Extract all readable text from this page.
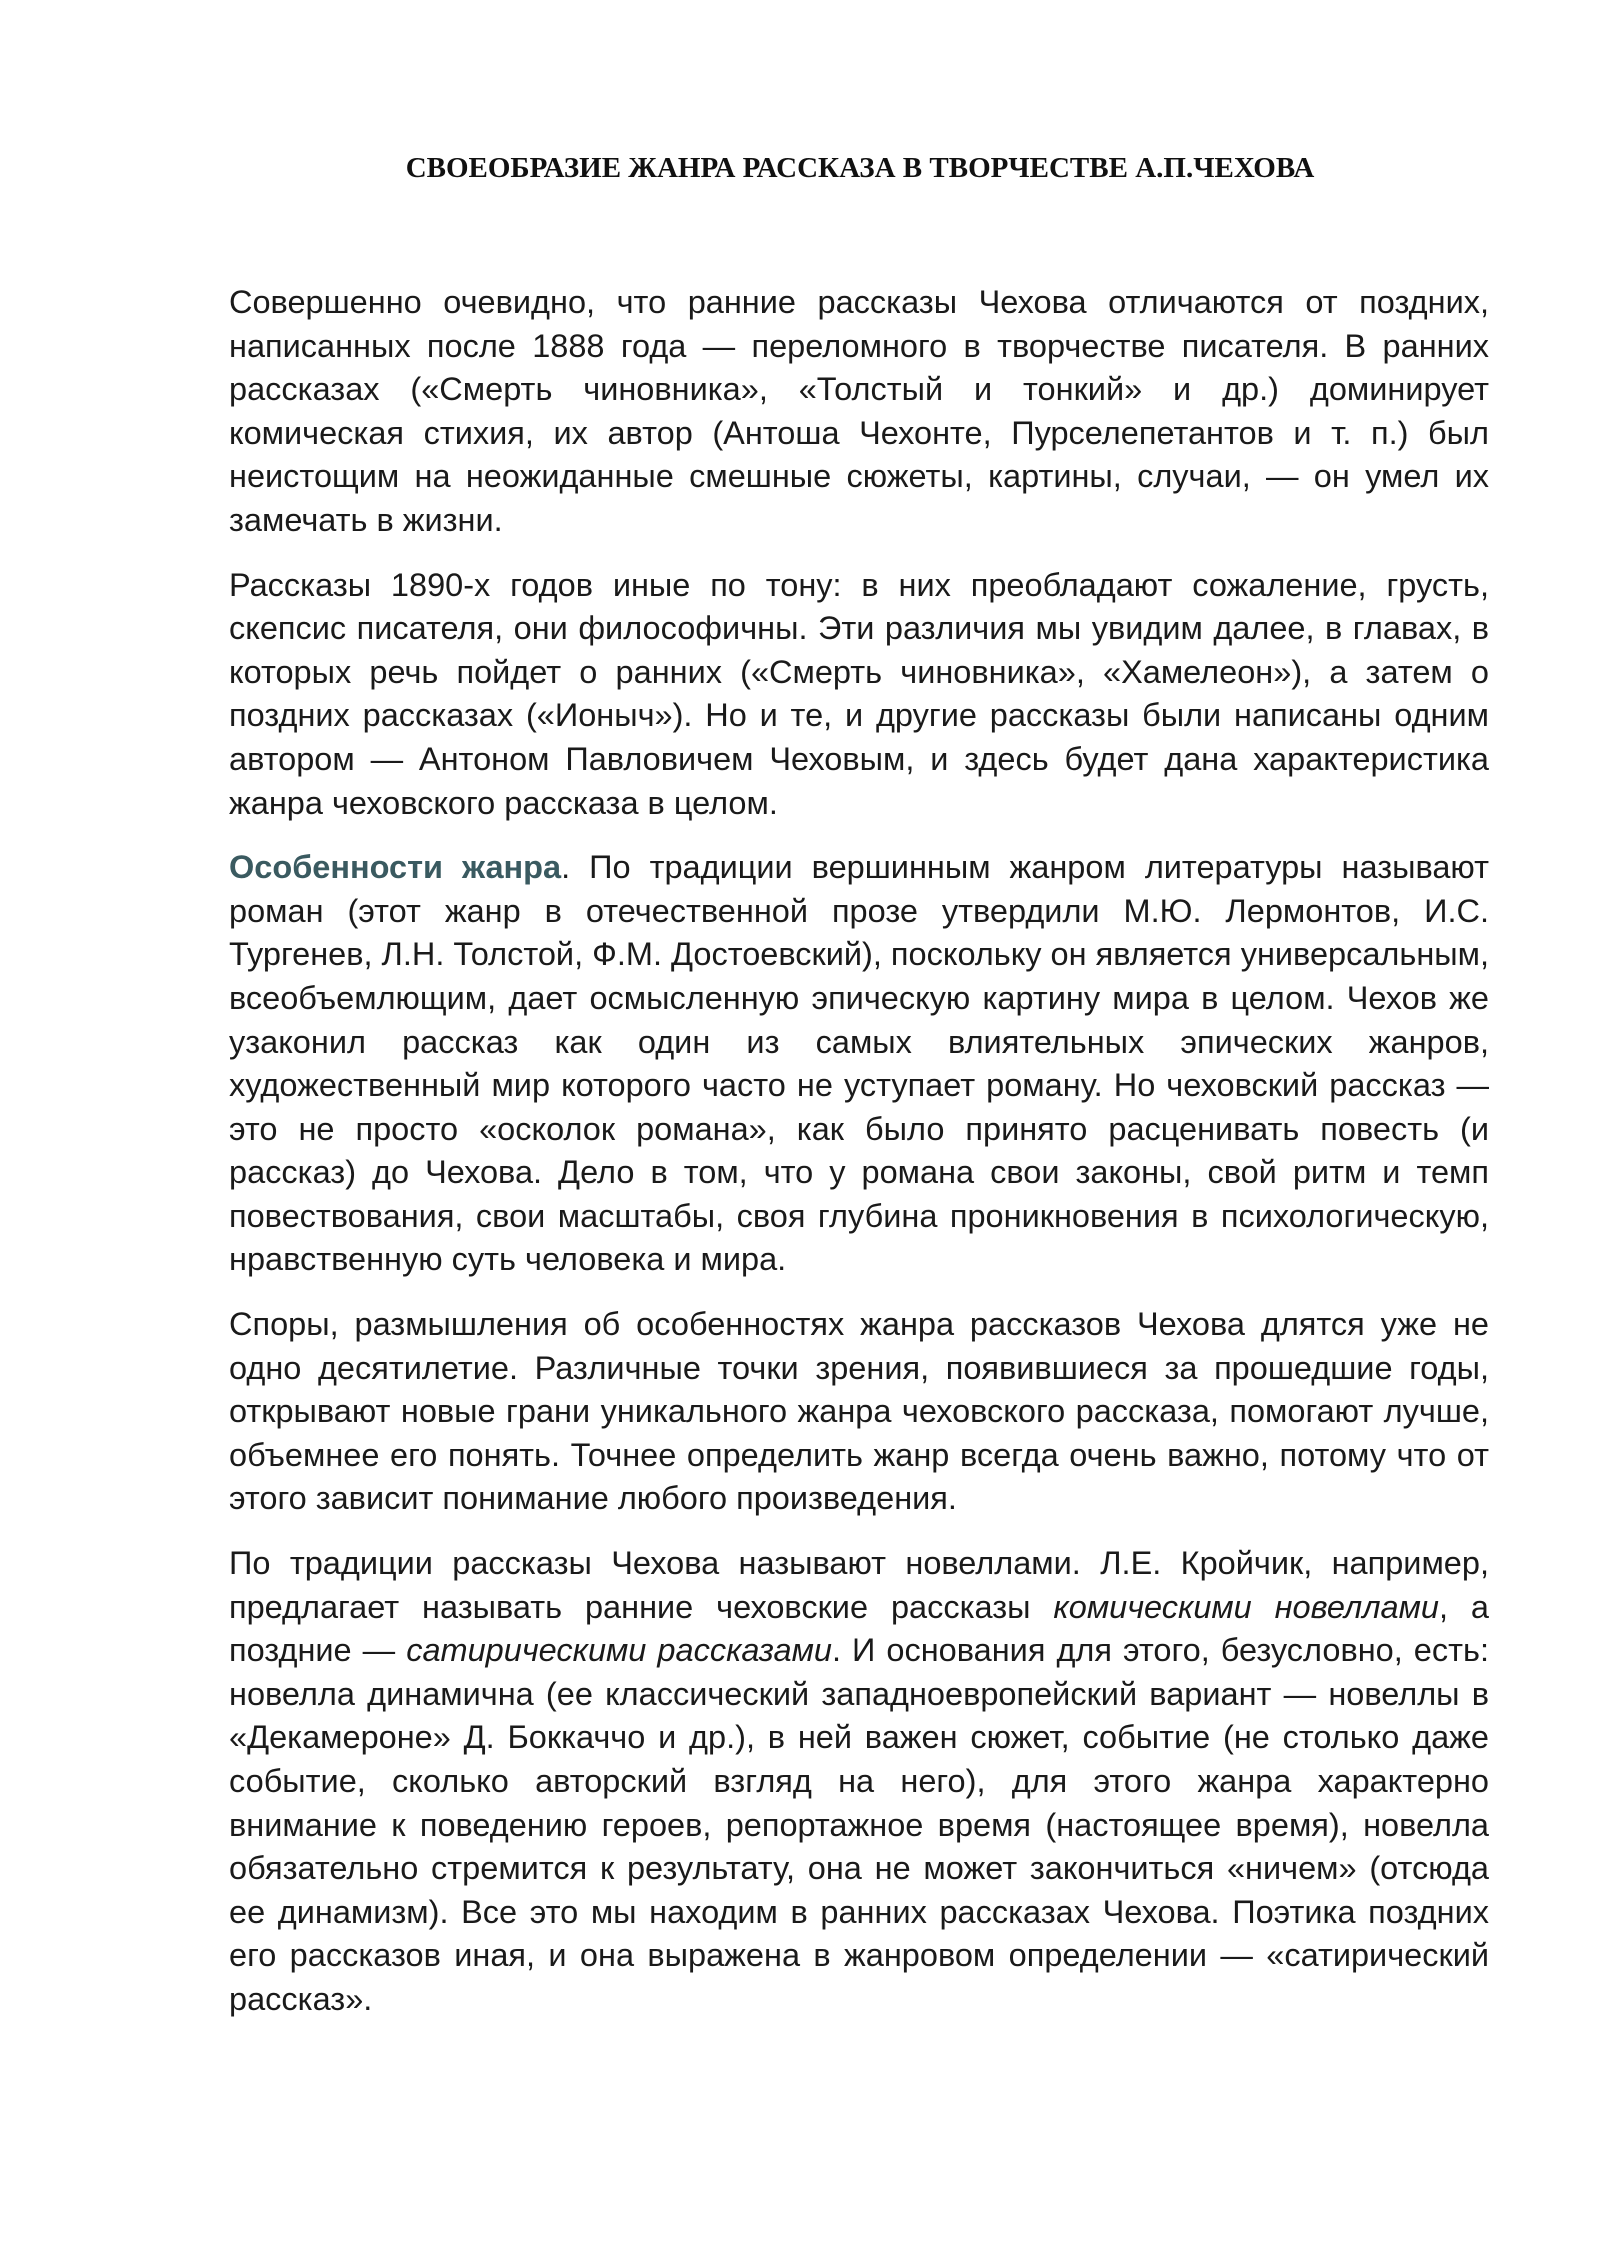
СВОЕОБРАЗИЕ ЖАНРА РАССКАЗА В ТВОРЧЕСТВЕ А.П.ЧЕХОВА

Совершенно очевидно, что ранние рассказы Чехова отличаются от поздних, написанных после 1888 года — переломного в творчестве писателя. В ранних рассказах («Смерть чиновника», «Толстый и тонкий» и др.) доминирует комическая стихия, их автор (Антоша Чехонте, Пурселепетантов и т. п.) был неистощим на неожиданные смешные сюжеты, картины, случаи, — он умел их замечать в жизни.

Рассказы 1890-х годов иные по тону: в них преобладают сожаление, грусть, скепсис писателя, они философичны. Эти различия мы увидим далее, в главах, в которых речь пойдет о ранних («Смерть чиновника», «Хамелеон»), а затем о поздних рассказах («Ионыч»). Но и те, и другие рассказы были написаны одним автором — Антоном Павловичем Чеховым, и здесь будет дана характеристика жанра чеховского рассказа в целом.

Особенности жанра. По традиции вершинным жанром литературы называют роман (этот жанр в отечественной прозе утвердили М.Ю. Лермонтов, И.С. Тургенев, Л.Н. Толстой, Ф.М. Достоевский), поскольку он является универсальным, всеобъемлющим, дает осмысленную эпическую картину мира в целом. Чехов же узаконил рассказ как один из самых влиятельных эпических жанров, художественный мир которого часто не уступает роману. Но чеховский рассказ — это не просто «осколок романа», как было принято расценивать повесть (и рассказ) до Чехова. Дело в том, что у романа свои законы, свой ритм и темп повествования, свои масштабы, своя глубина проникновения в психологическую, нравственную суть человека и мира.

Споры, размышления об особенностях жанра рассказов Чехова длятся уже не одно десятилетие. Различные точки зрения, появившиеся за прошедшие годы, открывают новые грани уникального жанра чеховского рассказа, помогают лучше, объемнее его понять. Точнее определить жанр всегда очень важно, потому что от этого зависит понимание любого произведения.

По традиции рассказы Чехова называют новеллами. Л.Е. Кройчик, например, предлагает называть ранние чеховские рассказы комическими новеллами, а поздние — сатирическими рассказами. И основания для этого, безусловно, есть: новелла динамична (ее классический западноевропейский вариант — новеллы в «Декамероне» Д. Боккаччо и др.), в ней важен сюжет, событие (не столько даже событие, сколько авторский взгляд на него), для этого жанра характерно внимание к поведению героев, репортажное время (настоящее время), новелла обязательно стремится к результату, она не может закончиться «ничем» (отсюда ее динамизм). Все это мы находим в ранних рассказах Чехова. Поэтика поздних его рассказов иная, и она выражена в жанровом определении — «сатирический рассказ».
